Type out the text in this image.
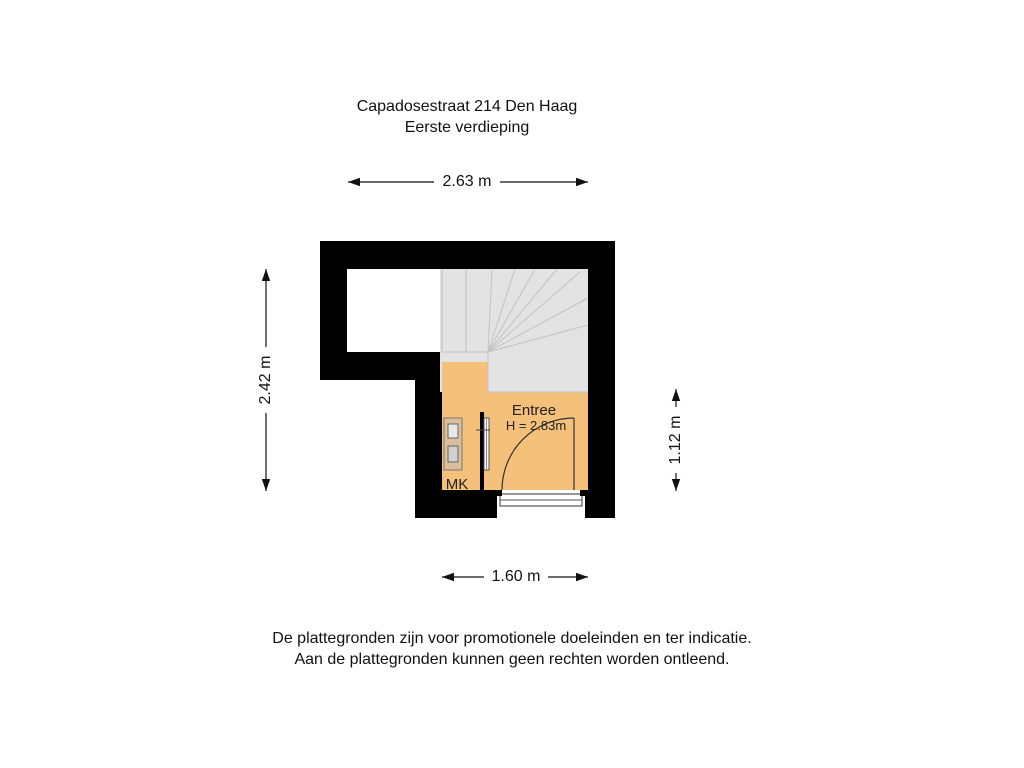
Capadosestraat 214 Den Haag
Eerste verdieping
Entree
H = 2.83m
MK
2.63 m
1.60 m
2.42 m
1.12 m
De plattegronden zijn voor promotionele doeleinden en ter indicatie.
Aan de plattegronden kunnen geen rechten worden ontleend.
